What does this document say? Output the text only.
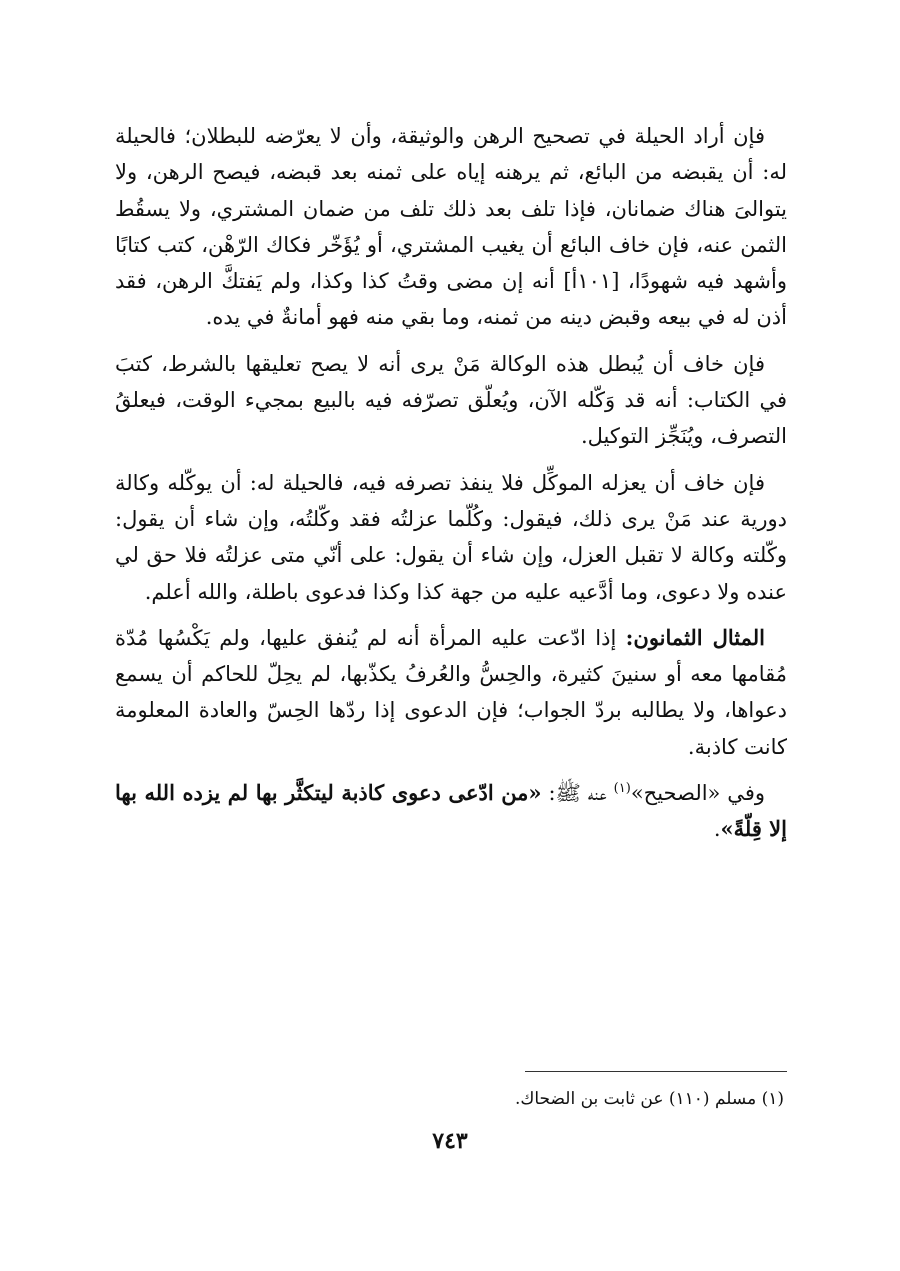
فإن أراد الحيلة في تصحيح الرهن والوثيقة، وأن لا يعرّضه للبطلان؛ فالحيلة له: أن يقبضه من البائع، ثم يرهنه إياه على ثمنه بعد قبضه، فيصح الرهن، ولا يتوالىَ هناك ضمانان، فإذا تلف بعد ذلك تلف من ضمان المشتري، ولا يسقُط الثمن عنه، فإن خاف البائع أن يغيب المشتري، أو يُؤَخّر فكاك الرّهْن، كتب كتابًا وأشهد فيه شهودًا، [١٠١أ] أنه إن مضى وقتُ كذا وكذا، ولم يَفتكَّ الرهن، فقد أذن له في بيعه وقبض دينه من ثمنه، وما بقي منه فهو أمانةٌ في يده.

فإن خاف أن يُبطل هذه الوكالة مَنْ يرى أنه لا يصح تعليقها بالشرط، كتبَ في الكتاب: أنه قد وَكّله الآن، ويُعلّق تصرّفه فيه بالبيع بمجيء الوقت، فيعلقُ التصرف، ويُنَجِّز التوكيل.

فإن خاف أن يعزله الموكِّل فلا ينفذ تصرفه فيه، فالحيلة له: أن يوكّله وكالة دورية عند مَنْ يرى ذلك، فيقول: وكُلّما عزلتُه فقد وكّلتُه، وإن شاء أن يقول: وكّلته وكالة لا تقبل العزل، وإن شاء أن يقول: على أنّي متى عزلتُه فلا حق لي عنده ولا دعوى، وما أدَّعيه عليه من جهة كذا وكذا فدعوى باطلة، والله أعلم.

المثال الثمانون: إذا ادّعت عليه المرأة أنه لم يُنفق عليها، ولم يَكْسُها مُدّة مُقامها معه أو سنينَ كثيرة، والحِسُّ والعُرفُ يكذّبها، لم يحِلّ للحاكم أن يسمع دعواها، ولا يطالبه بردّ الجواب؛ فإن الدعوى إذا ردّها الحِسّ والعادة المعلومة كانت كاذبة.

وفي «الصحيح»$^{(١)}$ عنه ﷺ: «من ادّعى دعوى كاذبة ليتكثَّر بها لم يزده الله بها إلا قِلّةً».

(١) مسلم (١١٠) عن ثابت بن الضحاك.
٧٤٣
